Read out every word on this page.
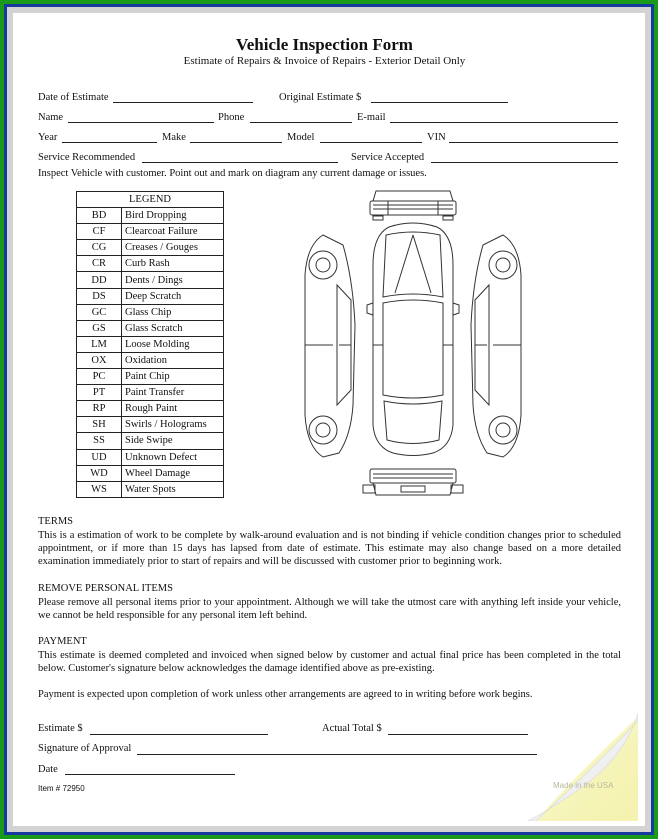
Vehicle Inspection Form
Estimate of Repairs & Invoice of Repairs - Exterior Detail Only
Date of Estimate	Original Estimate $
Name	Phone	E-mail
Year	Make	Model	VIN
Service Recommended	Service Accepted
Inspect Vehicle with customer. Point out and mark on diagram any current damage or issues.
LEGEND	
BD	Bird Dropping
CF	Clearcoat Failure
CG	Creases / Gouges
CR	Curb Rash
DD	Dents / Dings
DS	Deep Scratch
GC	Glass Chip
GS	Glass Scratch
LM	Loose Molding
OX	Oxidation
PC	Paint Chip
PT	Paint Transfer
RP	Rough Paint
SH	Swirls / Holograms
SS	Side Swipe
UD	Unknown Defect
WD	Wheel Damage
WS	Water Spots
TERMS
This is a estimation of work to be complete by walk-around evaluation and is not binding if vehicle condition changes prior to scheduled appointment, or if more than 15 days has lapsed from date of estimate. This estimate may also change based on a more detailed examination immediately prior to start of repairs and will be discussed with customer prior to beginning work.
REMOVE PERSONAL ITEMS
Please remove all personal items prior to your appointment. Although we will take the utmost care with anything left inside your vehicle, we cannot be held responsible for any personal item left behind.
PAYMENT
This estimate is deemed completed and invoiced when signed below by customer and actual final price has been completed in the total below. Customer's signature below acknowledges the damage identified above as pre-existing.
Payment is expected upon completion of work unless other arrangements are agreed to in writing before work begins.
Estimate $	Actual Total $
Signature of Approval
Date
Item # 72950	Made in the USA
